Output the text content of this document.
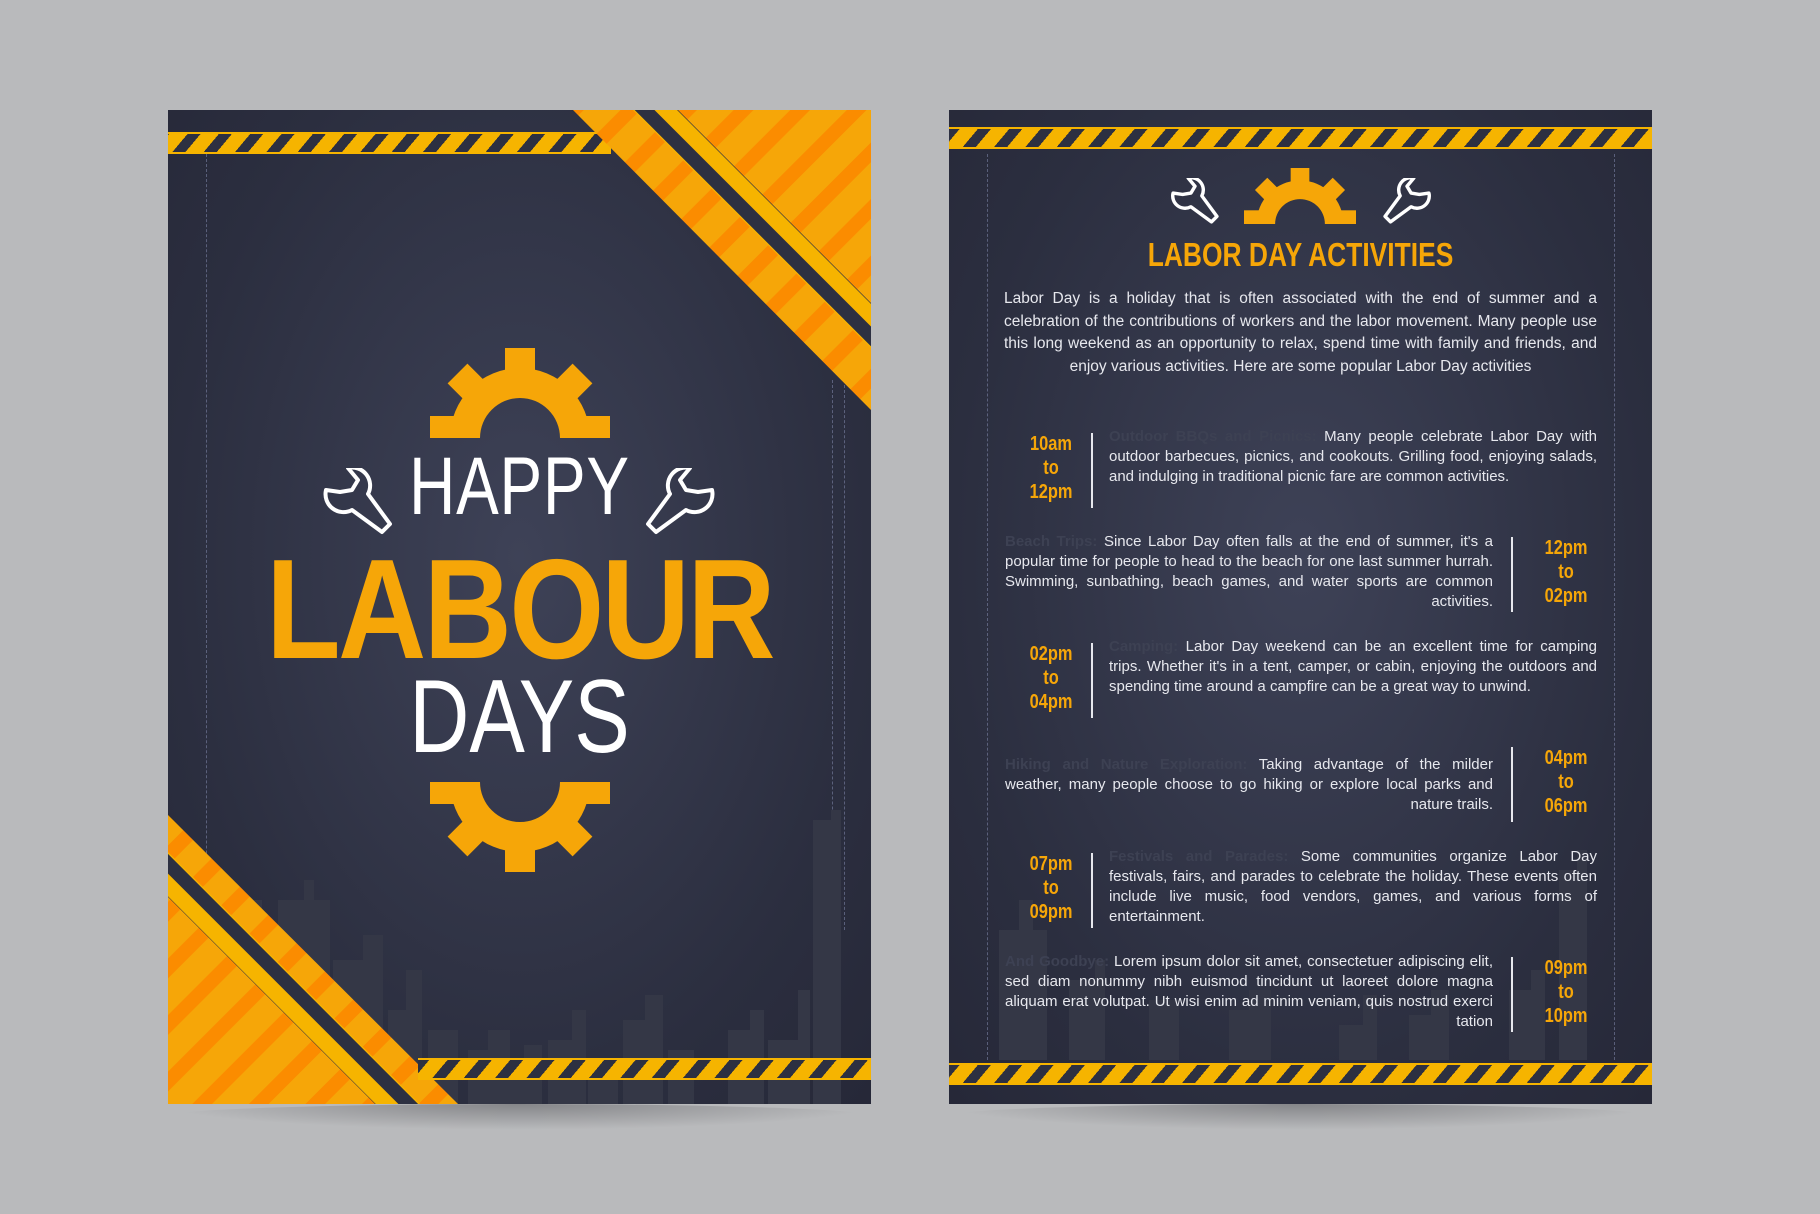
HAPPY
LABOUR
DAYS
LABOR DAY ACTIVITIES

Labor Day is a holiday that is often associated with the end of summer and a celebration of the contributions of workers and the labor movement. Many people use this long weekend as an opportunity to relax, spend time with family and friends, and enjoy various activities. Here are some popular Labor Day activities

10am
to
12pm

Outdoor BBQs and Picnics: Many people celebrate Labor Day with outdoor barbecues, picnics, and cookouts. Grilling food, enjoying salads, and indulging in traditional picnic fare are common activities.

Beach Trips: Since Labor Day often falls at the end of summer, it's a popular time for people to head to the beach for one last summer hurrah. Swimming, sunbathing, beach games, and water sports are common activities.

12pm
to
02pm
02pm
to
04pm

Camping: Labor Day weekend can be an excellent time for camping trips. Whether it's in a tent, camper, or cabin, enjoying the outdoors and spending time around a campfire can be a great way to unwind.

Hiking and Nature Exploration: Taking advantage of the milder weather, many people choose to go hiking or explore local parks and nature trails.

04pm
to
06pm
07pm
to
09pm

Festivals and Parades: Some communities organize Labor Day festivals, fairs, and parades to celebrate the holiday. These events often include live music, food vendors, games, and various forms of entertainment.

And Goodbye: Lorem ipsum dolor sit amet, consectetuer adipiscing elit, sed diam nonummy nibh euismod tincidunt ut laoreet dolore magna aliquam erat volutpat. Ut wisi enim ad minim veniam, quis nostrud exerci tation

09pm
to
10pm
